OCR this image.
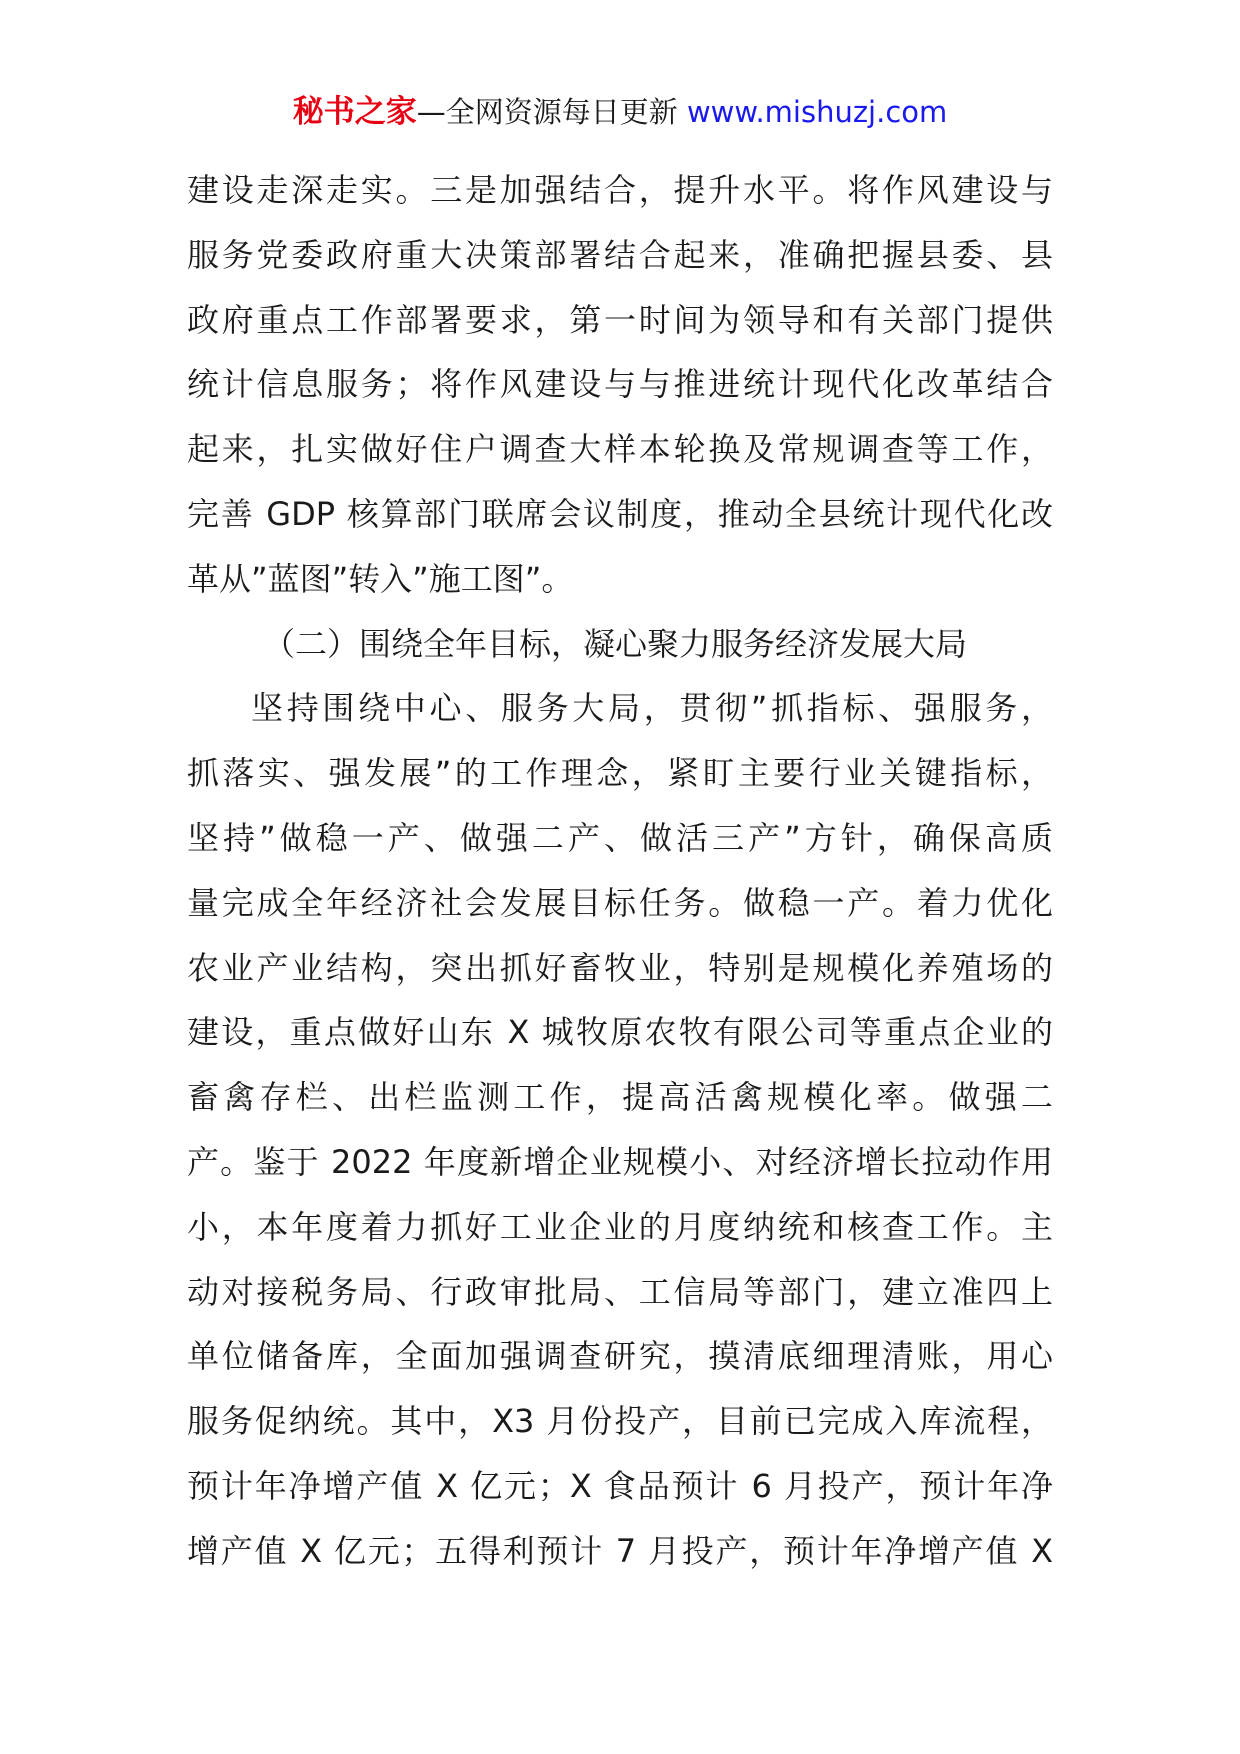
秘书之家—全网资源每日更新 www.mishuzj.com
建设走深走实。三是加强结合，提升水平。将作风建设与
服务党委政府重大决策部署结合起来，准确把握县委、县
政府重点工作部署要求，第一时间为领导和有关部门提供
统计信息服务；将作风建设与与推进统计现代化改革结合
起来，扎实做好住户调查大样本轮换及常规调查等工作，
完善 GDP 核算部门联席会议制度，推动全县统计现代化改
革从”蓝图”转入”施工图”。
（二）围绕全年目标，凝心聚力服务经济发展大局
坚持围绕中心、服务大局，贯彻”抓指标、强服务，
抓落实、强发展”的工作理念，紧盯主要行业关键指标，
坚持”做稳一产、做强二产、做活三产”方针，确保高质
量完成全年经济社会发展目标任务。做稳一产。着力优化
农业产业结构，突出抓好畜牧业，特别是规模化养殖场的
建设，重点做好山东 X 城牧原农牧有限公司等重点企业的
畜禽存栏、出栏监测工作，提高活禽规模化率。做强二
产。鉴于 2022 年度新增企业规模小、对经济增长拉动作用
小，本年度着力抓好工业企业的月度纳统和核查工作。主
动对接税务局、行政审批局、工信局等部门，建立准四上
单位储备库，全面加强调查研究，摸清底细理清账，用心
服务促纳统。其中，X3 月份投产，目前已完成入库流程，
预计年净增产值 X 亿元；X 食品预计 6 月投产，预计年净
增产值 X 亿元；五得利预计 7 月投产，预计年净增产值 X
